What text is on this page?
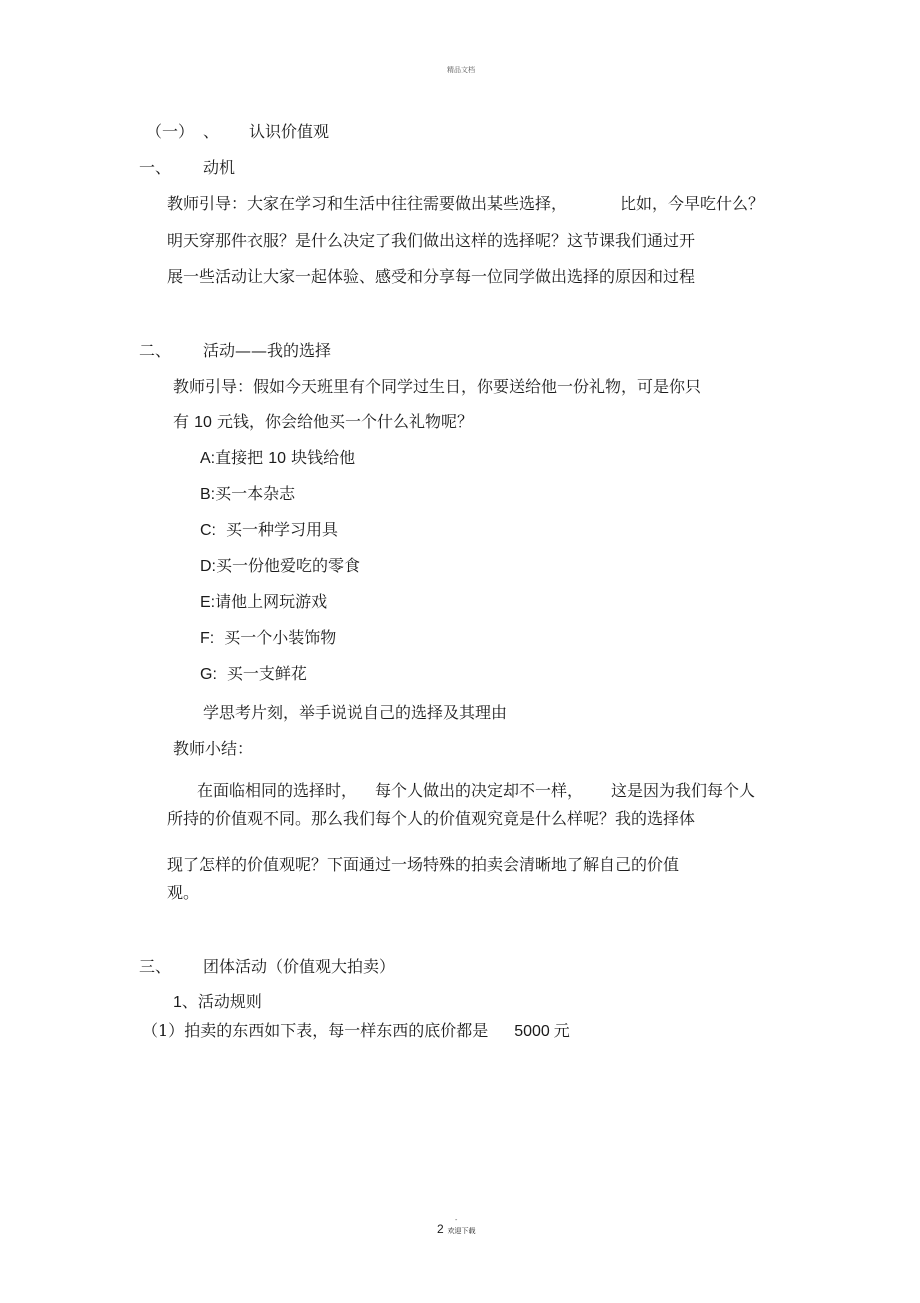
精品文档
（一） 、 认识价值观
一、 动机
教师引导：大家在学习和生活中往往需要做出某些选择，	比如，今早吃什么？
明天穿那件衣服？是什么决定了我们做出这样的选择呢？这节课我们通过开
展一些活动让大家一起体验、感受和分享每一位同学做出选择的原因和过程
二、 活动——我的选择
教师引导：假如今天班里有个同学过生日，你要送给他一份礼物，可是你只
有 10 元钱，你会给他买一个什么礼物呢？
A:直接把 10 块钱给他
B:买一本杂志
C: 买一种学习用具
D:买一份他爱吃的零食
E:请他上网玩游戏
F: 买一个小装饰物
G: 买一支鲜花
学思考片刻，举手说说自己的选择及其理由
教师小结：
在面临相同的选择时， 每个人做出的决定却不一样， 这是因为我们每个人
所持的价值观不同。那么我们每个人的价值观究竟是什么样呢？我的选择体
现了怎样的价值观呢？下面通过一场特殊的拍卖会清晰地了解自己的价值
观。
三、 团体活动（价值观大拍卖）
1、活动规则
（1）拍卖的东西如下表，每一样东西的底价都是 5000 元
-
2 欢迎下载
